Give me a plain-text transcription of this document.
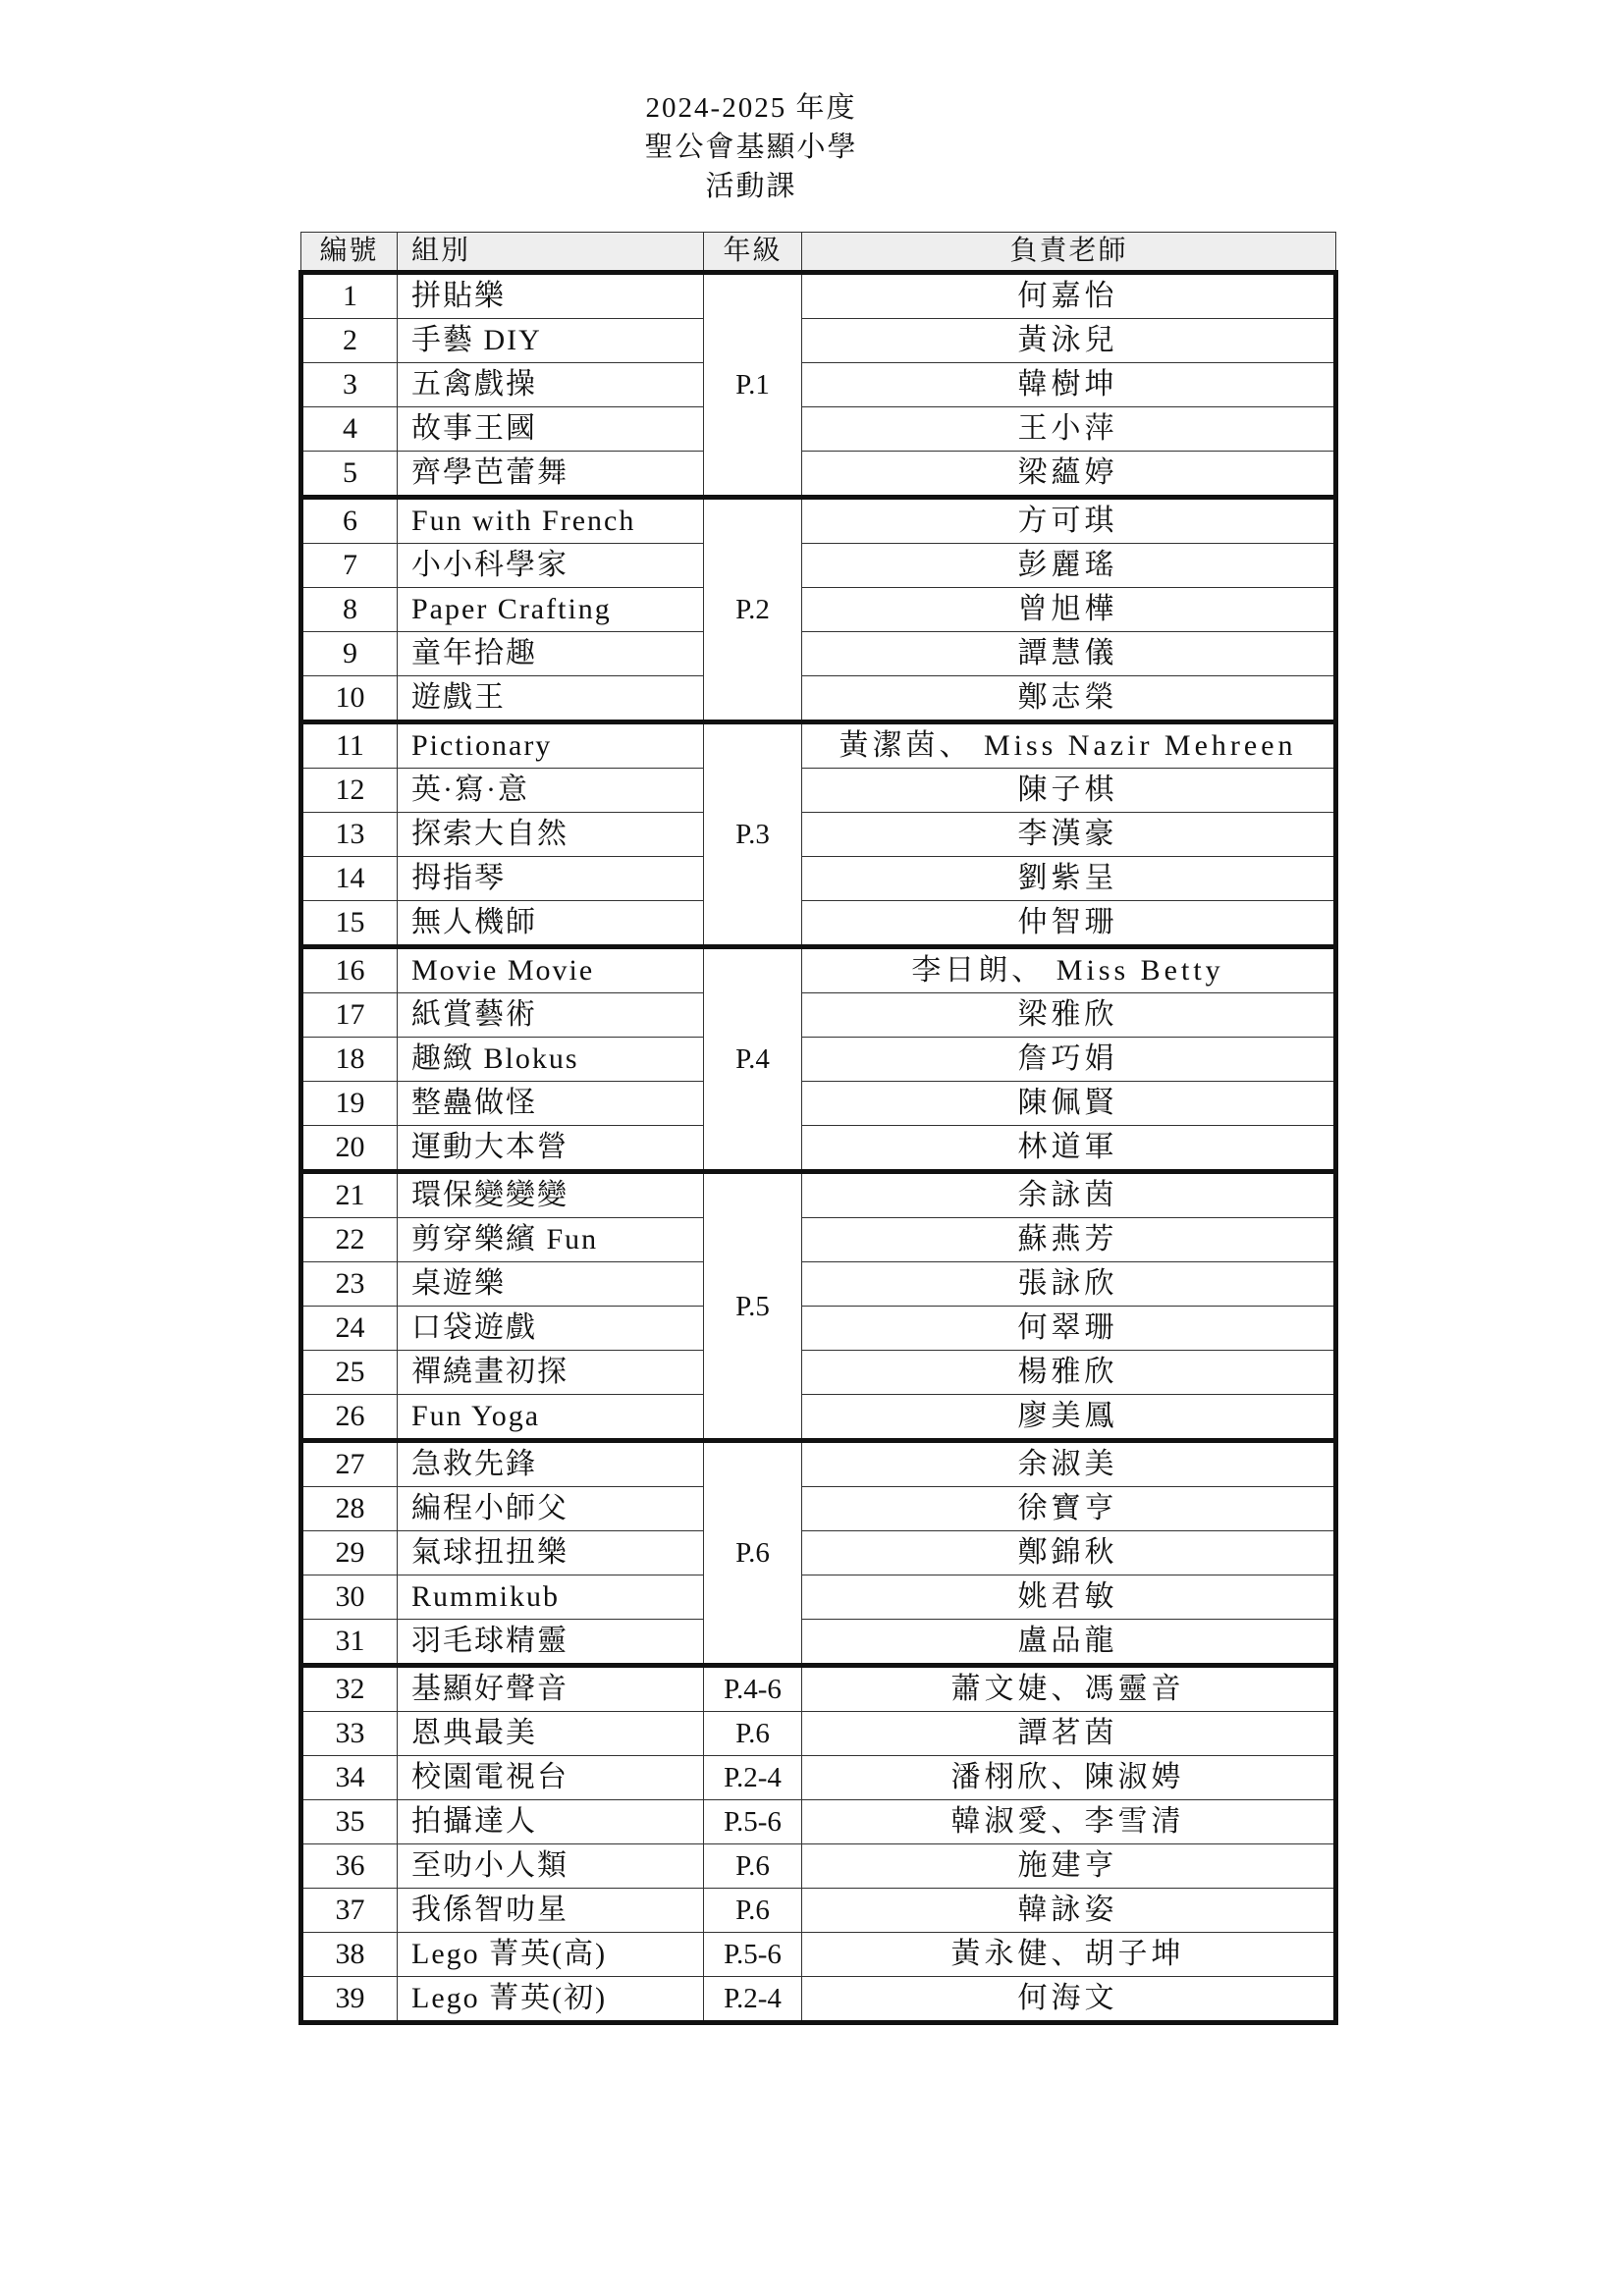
2024-2025 年度
聖公會基顯小學
活動課
編號	組別	年級	負責老師
1	拼貼樂	P.1	何嘉怡
2	手藝 DIY		黃泳兒
3	五禽戲操		韓樹坤
4	故事王國		王小萍
5	齊學芭蕾舞		梁蘊婷
6	Fun with French	P.2	方可琪
7	小小科學家		彭麗瑤
8	Paper Crafting		曾旭樺
9	童年拾趣		譚慧儀
10	遊戲王		鄭志榮
11	Pictionary	P.3	黃潔茵、 Miss Nazir Mehreen
12	英·寫·意		陳子棋
13	探索大自然		李漢豪
14	拇指琴		劉紫呈
15	無人機師		仲智珊
16	Movie Movie	P.4	李日朗、 Miss Betty
17	紙賞藝術		梁雅欣
18	趣緻 Blokus		詹巧娟
19	整蠱做怪		陳佩賢
20	運動大本營		林道軍
21	環保變變變	P.5	余詠茵
22	剪穿樂繽 Fun		蘇燕芳
23	桌遊樂		張詠欣
24	口袋遊戲		何翠珊
25	禪繞畫初探		楊雅欣
26	Fun Yoga		廖美鳳
27	急救先鋒	P.6	余淑美
28	編程小師父		徐寶亨
29	氣球扭扭樂		鄭錦秋
30	Rummikub		姚君敏
31	羽毛球精靈		盧品龍
32	基顯好聲音	P.4-6	蕭文婕、馮靈音
33	恩典最美	P.6	譚茗茵
34	校園電視台	P.2-4	潘栩欣、陳淑娉
35	拍攝達人	P.5-6	韓淑愛、李雪清
36	至叻小人類	P.6	施建亨
37	我係智叻星	P.6	韓詠姿
38	Lego 菁英(高)	P.5-6	黃永健、胡子坤
39	Lego 菁英(初)	P.2-4	何海文
